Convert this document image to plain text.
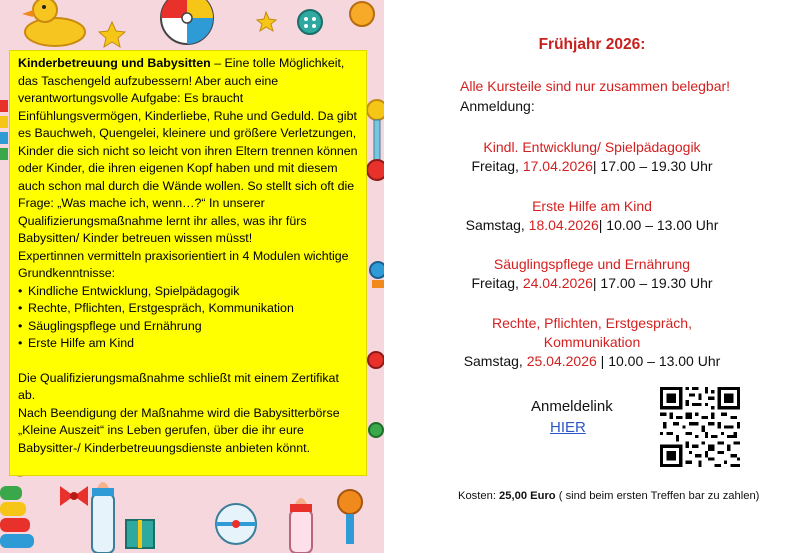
Kinderbetreuung und Babysitten – Eine tolle Möglichkeit, das Taschengeld aufzubessern! Aber auch eine verantwortungsvolle Aufgabe: Es braucht Einfühlungsvermögen, Kinderliebe, Ruhe und Geduld. Da gibt es Bauchweh, Quengelei, kleinere und größere Verletzungen, Kinder die sich nicht so leicht von ihren Eltern trennen können oder Kinder, die ihren eigenen Kopf haben und mit diesem auch schon mal durch die Wände wollen. So stellt sich oft die Frage: „Was mache ich, wenn…?“ In unserer Qualifizierungsmaßnahme lernt ihr alles, was ihr fürs Babysitten/ Kinder betreuen wissen müsst!

Expertinnen vermitteln praxisorientiert in 4 Modulen wichtige Grundkenntnisse:

• Kindliche Entwicklung, Spielpädagogik
• Rechte, Pflichten, Erstgespräch, Kommunikation
• Säuglingspflege und Ernährung
• Erste Hilfe am Kind

Die Qualifizierungsmaßnahme schließt mit einem Zertifikat ab.

Nach Beendigung der Maßnahme wird die Babysitterbörse „Kleine Auszeit“ ins Leben gerufen, über die ihr eure Babysitter-/ Kinderbetreuungsdienste anbieten könnt.

Frühjahr 2026:
Alle Kursteile sind nur zusammen belegbar!
Anmeldung:
Kindl. Entwicklung/ Spielpädagogik
Freitag, 17.04.2026| 17.00 – 19.30 Uhr
Erste Hilfe am Kind
Samstag, 18.04.2026| 10.00 – 13.00 Uhr
Säuglingspflege und Ernährung
Freitag, 24.04.2026| 17.00 – 19.30 Uhr
Rechte, Pflichten, Erstgespräch, Kommunikation
Samstag, 25.04.2026 | 10.00 – 13.00 Uhr
Anmeldelink
HIER
Kosten: 25,00 Euro ( sind beim ersten Treffen bar zu zahlen)
